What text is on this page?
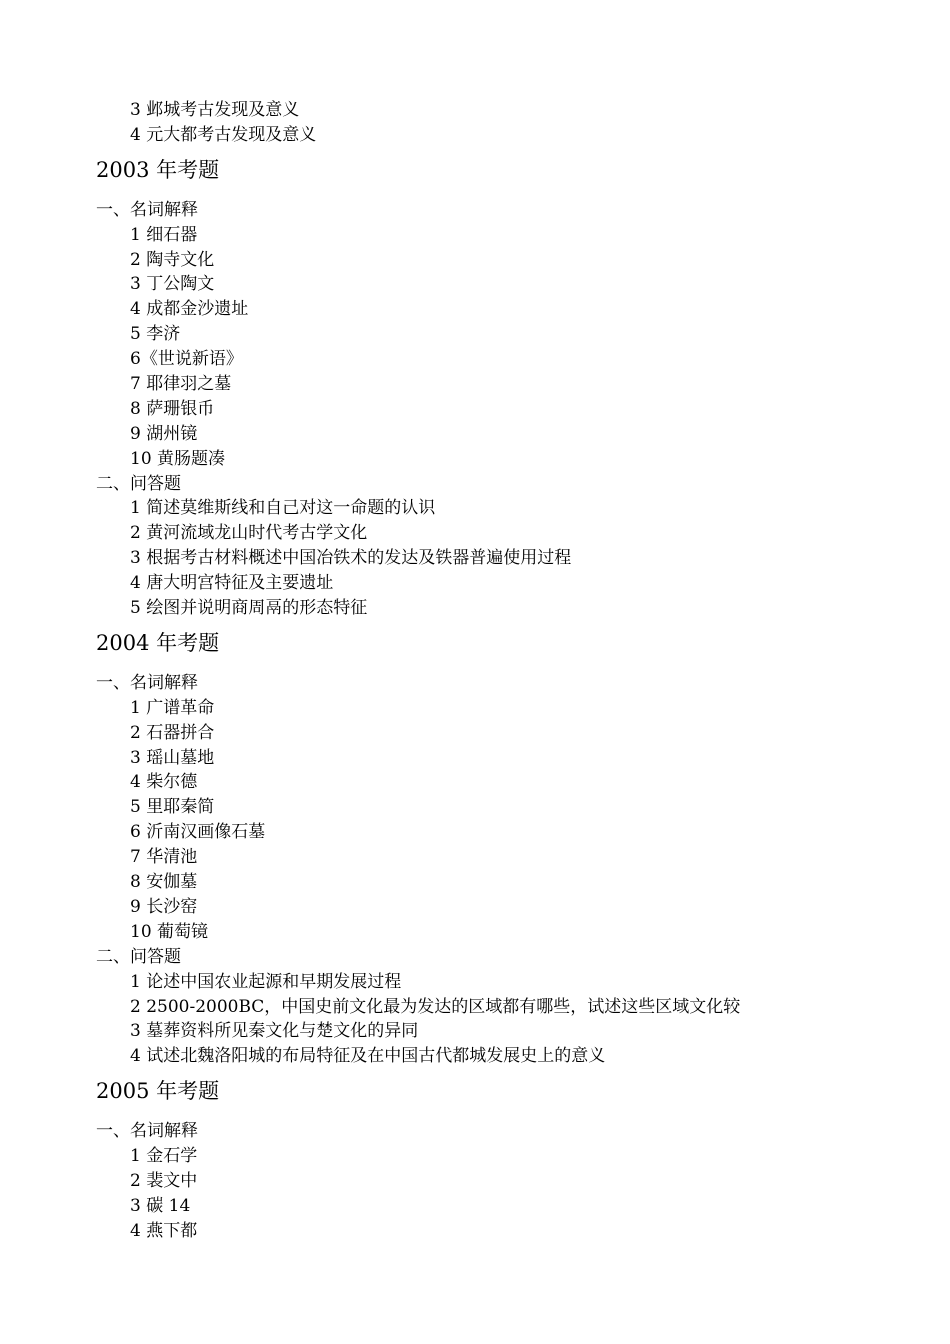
3 邺城考古发现及意义
4 元大都考古发现及意义
2003 年考题
一、名词解释
1 细石器
2 陶寺文化
3 丁公陶文
4 成都金沙遗址
5 李济
6《世说新语》
7 耶律羽之墓
8 萨珊银币
9 湖州镜
10 黄肠题凑
二、问答题
1 简述莫维斯线和自己对这一命题的认识
2 黄河流域龙山时代考古学文化
3 根据考古材料概述中国冶铁术的发达及铁器普遍使用过程
4 唐大明宫特征及主要遗址
5 绘图并说明商周鬲的形态特征
2004 年考题
一、名词解释
1 广谱革命
2 石器拼合
3 瑶山墓地
4 柴尔德
5 里耶秦简
6 沂南汉画像石墓
7 华清池
8 安伽墓
9 长沙窑
10 葡萄镜
二、问答题
1 论述中国农业起源和早期发展过程
2 2500-2000BC，中国史前文化最为发达的区域都有哪些，试述这些区域文化较
3 墓葬资料所见秦文化与楚文化的异同
4 试述北魏洛阳城的布局特征及在中国古代都城发展史上的意义
2005 年考题
一、名词解释
1 金石学
2 裴文中
3 碳 14
4 燕下都
